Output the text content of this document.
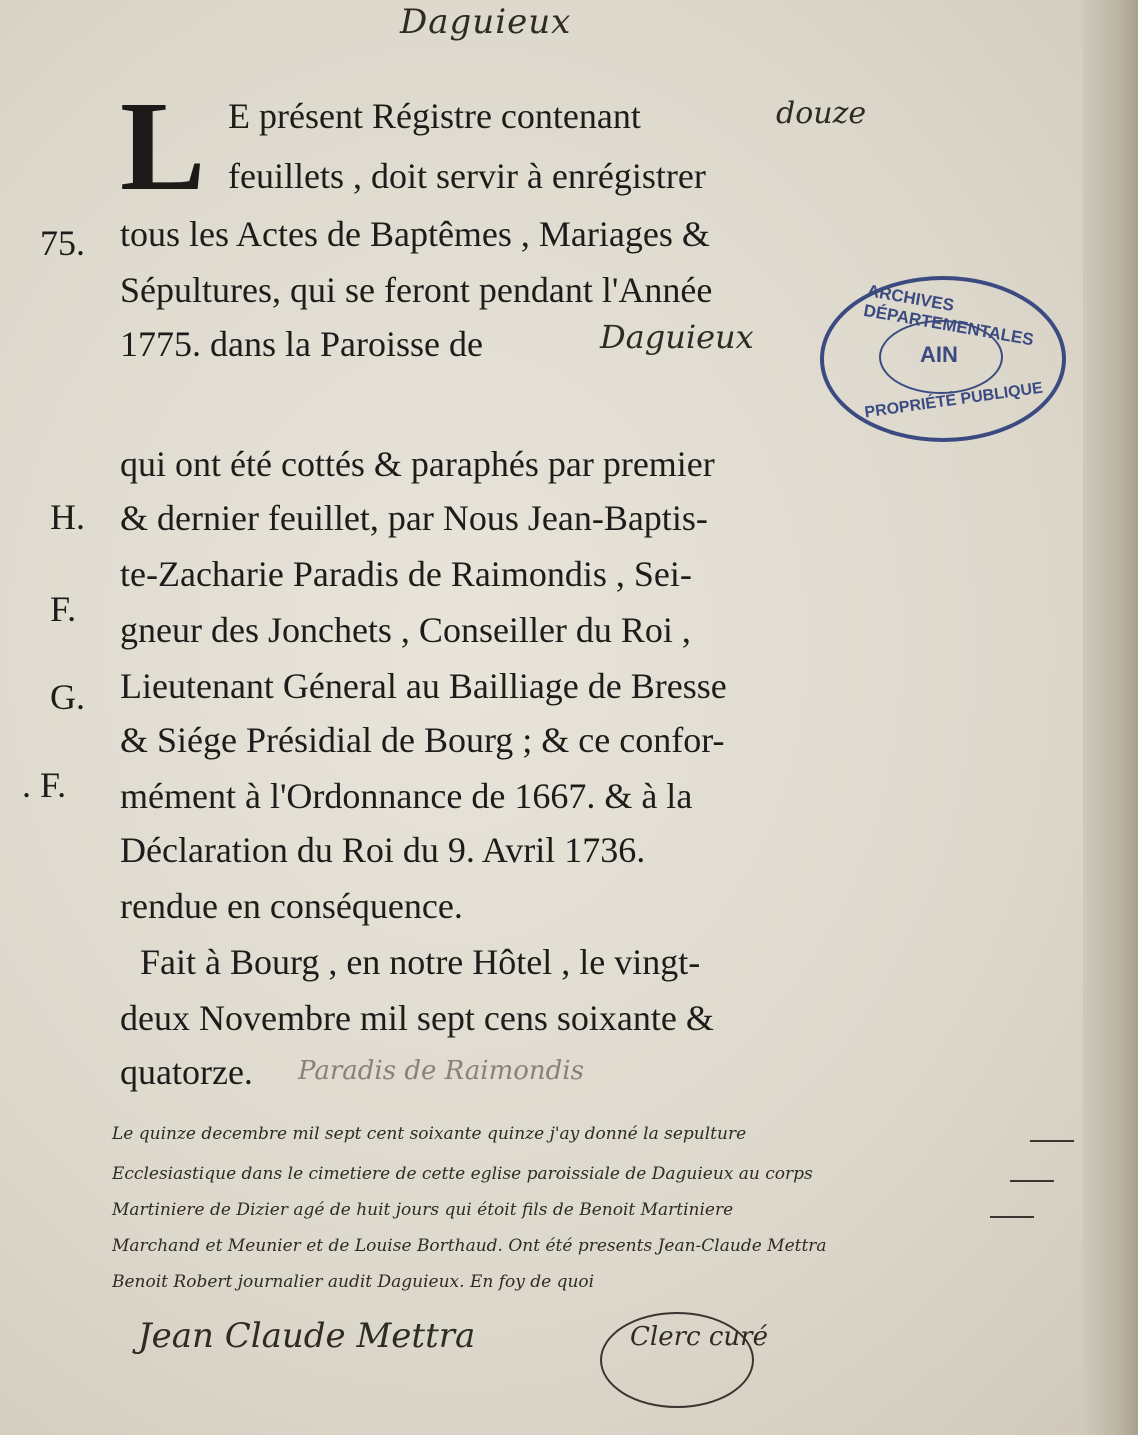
Daguieux
L E présent Régistre contenant	douze
feuillets , doit servir à enrégistrer
tous les Actes de Baptêmes , Mariages &
Sépultures, qui se feront pendant l'Année
1775. dans la Paroisse de	Daguieux
75.
ARCHIVES DÉPARTEMENTALES
AIN
PROPRIÉTÉ PUBLIQUE
qui ont été cottés & paraphés par premier
& dernier feuillet, par Nous Jean-Baptis-
te-Zacharie Paradis de Raimondis , Sei-
gneur des Jonchets , Conseiller du Roi ,
Lieutenant Géneral au Bailliage de Bresse
& Siége Présidial de Bourg ; & ce confor-
mément à l'Ordonnance de 1667. & à la
Déclaration du Roi du 9. Avril 1736.
rendue en conséquence.
Fait à Bourg , en notre Hôtel , le vingt-
deux Novembre mil sept cens soixante &
quatorze.
H.
F.
G.
. F.
Paradis de Raimondis
Le quinze decembre mil sept cent soixante quinze j'ay donné la sepulture
Ecclesiastique dans le cimetiere de cette eglise paroissiale de Daguieux au corps
Martiniere de Dizier agé de huit jours qui étoit fils de Benoit Martiniere
Marchand et Meunier et de Louise Borthaud. Ont été presents Jean-Claude Mettra
Benoit Robert journalier audit Daguieux. En foy de quoi
Jean Claude Mettra	Clerc curé
